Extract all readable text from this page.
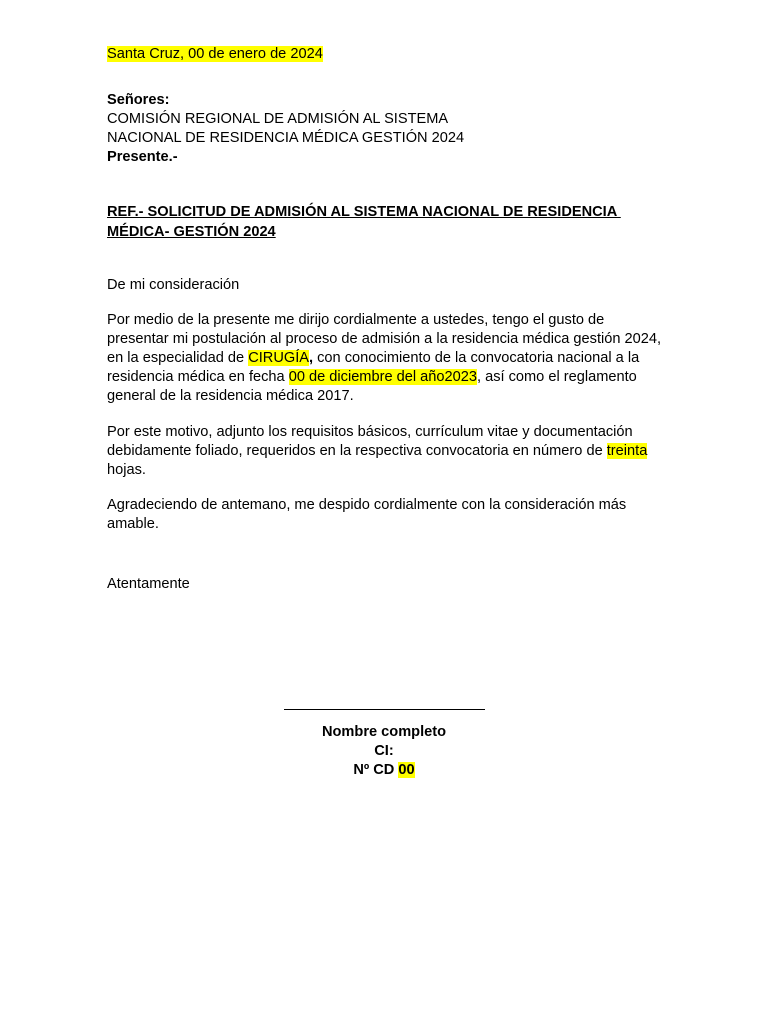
Santa Cruz, 00 de enero de 2024
Señores:
COMISIÓN REGIONAL DE ADMISIÓN AL SISTEMA
NACIONAL DE RESIDENCIA MÉDICA GESTIÓN 2024
Presente.-
REF.- SOLICITUD DE ADMISIÓN AL SISTEMA NACIONAL DE RESIDENCIA
MÉDICA- GESTIÓN 2024
De mi consideración
Por medio de la presente me dirijo cordialmente a ustedes, tengo el gusto de presentar mi postulación al proceso de admisión a la residencia médica gestión 2024, en la especialidad de CIRUGÍA, con conocimiento de la convocatoria nacional a la residencia médica en fecha 00 de diciembre del año2023, así como el reglamento general de la residencia médica 2017.
Por este motivo, adjunto los requisitos básicos, currículum vitae y documentación debidamente foliado, requeridos en la respectiva convocatoria en número de treinta hojas.
Agradeciendo de antemano, me despido cordialmente con la consideración más amable.
Atentamente
Nombre completo
CI:
Nº CD 00
